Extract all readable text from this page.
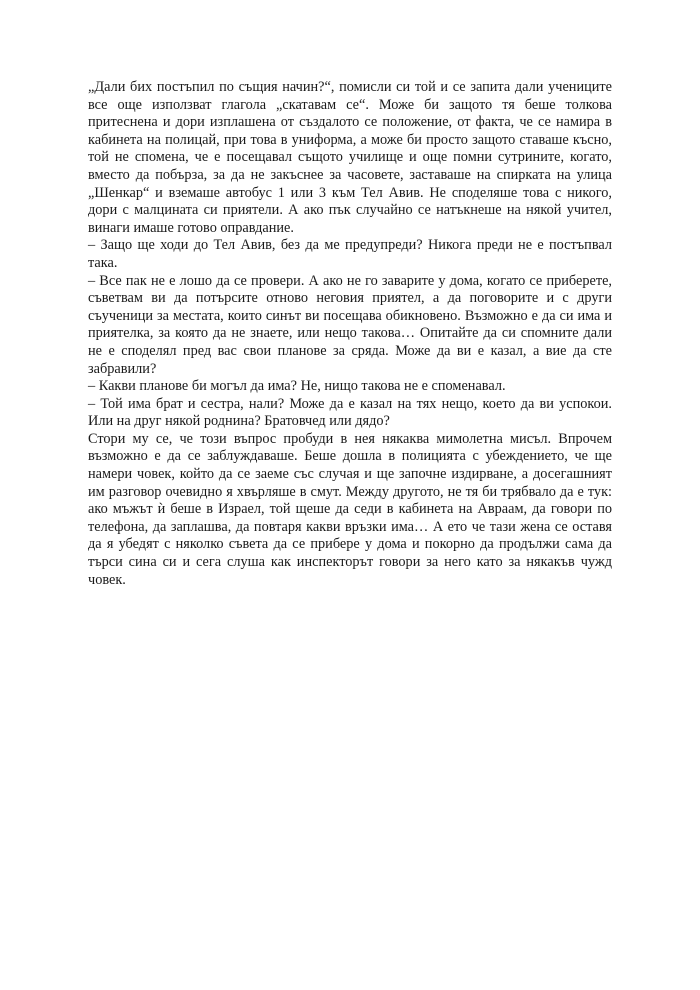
„Дали бих постъпил по същия начин?“, помисли си той и се запита дали учениците все още използват глагола „скатавам се“. Може би защото тя беше толкова притеснена и дори изплашена от създалото се положение, от факта, че се намира в кабинета на полицай, при това в униформа, а може би просто защото ставаше късно, той не спомена, че е посещавал същото училище и още помни сутрините, когато, вместо да побърза, за да не закъснее за часовете, заставаше на спирката на улица „Шенкар“ и вземаше автобус 1 или 3 към Тел Авив. Не споделяше това с никого, дори с малцината си приятели. А ако пък случайно се натъкнеше на някой учител, винаги имаше готово оправдание.

– Защо ще ходи до Тел Авив, без да ме предупреди? Никога преди не е постъпвал така.

– Все пак не е лошо да се провери. А ако не го заварите у дома, когато се приберете, съветвам ви да потърсите отново неговия приятел, а да поговорите и с други съученици за местата, които синът ви посещава обикновено. Възможно е да си има и приятелка, за която да не знаете, или нещо такова… Опитайте да си спомните дали не е споделял пред вас свои планове за сряда. Може да ви е казал, а вие да сте забравили?

– Какви планове би могъл да има? Не, нищо такова не е споменавал.

– Той има брат и сестра, нали? Може да е казал на тях нещо, което да ви успокои. Или на друг някой роднина? Братовчед или дядо?

Стори му се, че този въпрос пробуди в нея някаква мимолетна мисъл. Впрочем възможно е да се заблуждаваше. Беше дошла в полицията с убеждението, че ще намери човек, който да се заеме със случая и ще започне издирване, а досегашният им разговор очевидно я хвърляше в смут. Между другото, не тя би трябвало да е тук: ако мъжът ѝ беше в Израел, той щеше да седи в кабинета на Авраам, да говори по телефона, да заплашва, да повтаря какви връзки има… А ето че тази жена се оставя да я убедят с няколко съвета да се прибере у дома и покорно да продължи сама да търси сина си и сега слуша как инспекторът говори за него като за някакъв чужд човек.
